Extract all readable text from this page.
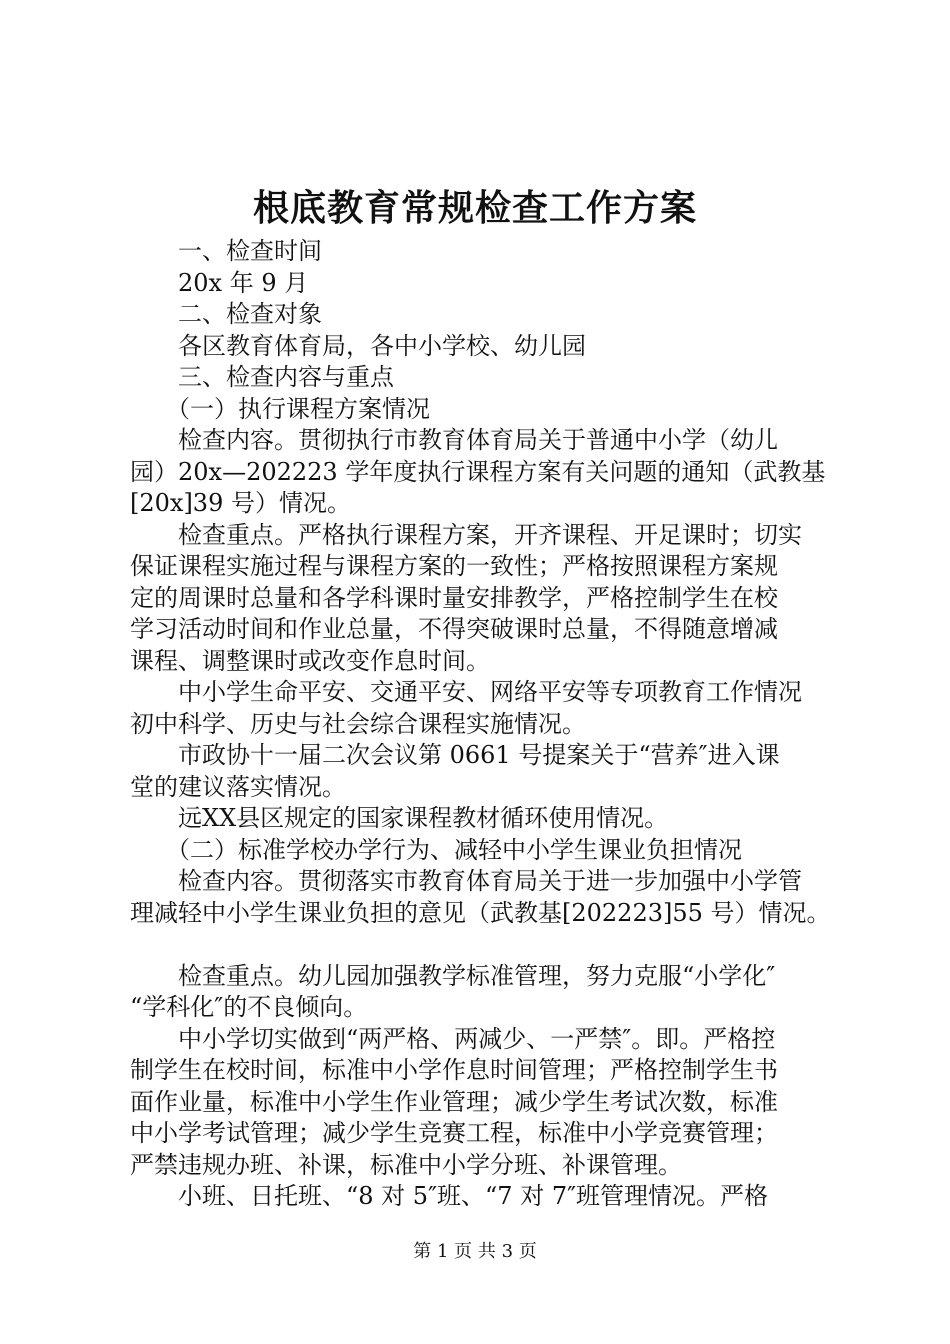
根底教育常规检查工作方案
一、检查时间
20x 年 9 月
二、检查对象
各区教育体育局，各中小学校、幼儿园
三、检查内容与重点
（一）执行课程方案情况
检查内容。贯彻执行市教育体育局关于普通中小学（幼儿
园）20x—202223 学年度执行课程方案有关问题的通知（武教基
[20x]39 号）情况。
检查重点。严格执行课程方案，开齐课程、开足课时；切实
保证课程实施过程与课程方案的一致性；严格按照课程方案规
定的周课时总量和各学科课时量安排教学，严格控制学生在校
学习活动时间和作业总量，不得突破课时总量，不得随意增减
课程、调整课时或改变作息时间。
中小学生命平安、交通平安、网络平安等专项教育工作情况
初中科学、历史与社会综合课程实施情况。
市政协十一届二次会议第 0661 号提案关于“营养″进入课
堂的建议落实情况。
远XX县区规定的国家课程教材循环使用情况。
（二）标准学校办学行为、减轻中小学生课业负担情况
检查内容。贯彻落实市教育体育局关于进一步加强中小学管
理减轻中小学生课业负担的意见（武教基[202223]55 号）情况。
检查重点。幼儿园加强教学标准管理，努力克服“小学化″
“学科化″的不良倾向。
中小学切实做到“两严格、两减少、一严禁″。即。严格控
制学生在校时间，标准中小学作息时间管理；严格控制学生书
面作业量，标准中小学生作业管理；减少学生考试次数，标准
中小学考试管理；减少学生竞赛工程，标准中小学竞赛管理；
严禁违规办班、补课，标准中小学分班、补课管理。
小班、日托班、“8 对 5″班、“7 对 7″班管理情况。严格
第 1 页 共 3 页
